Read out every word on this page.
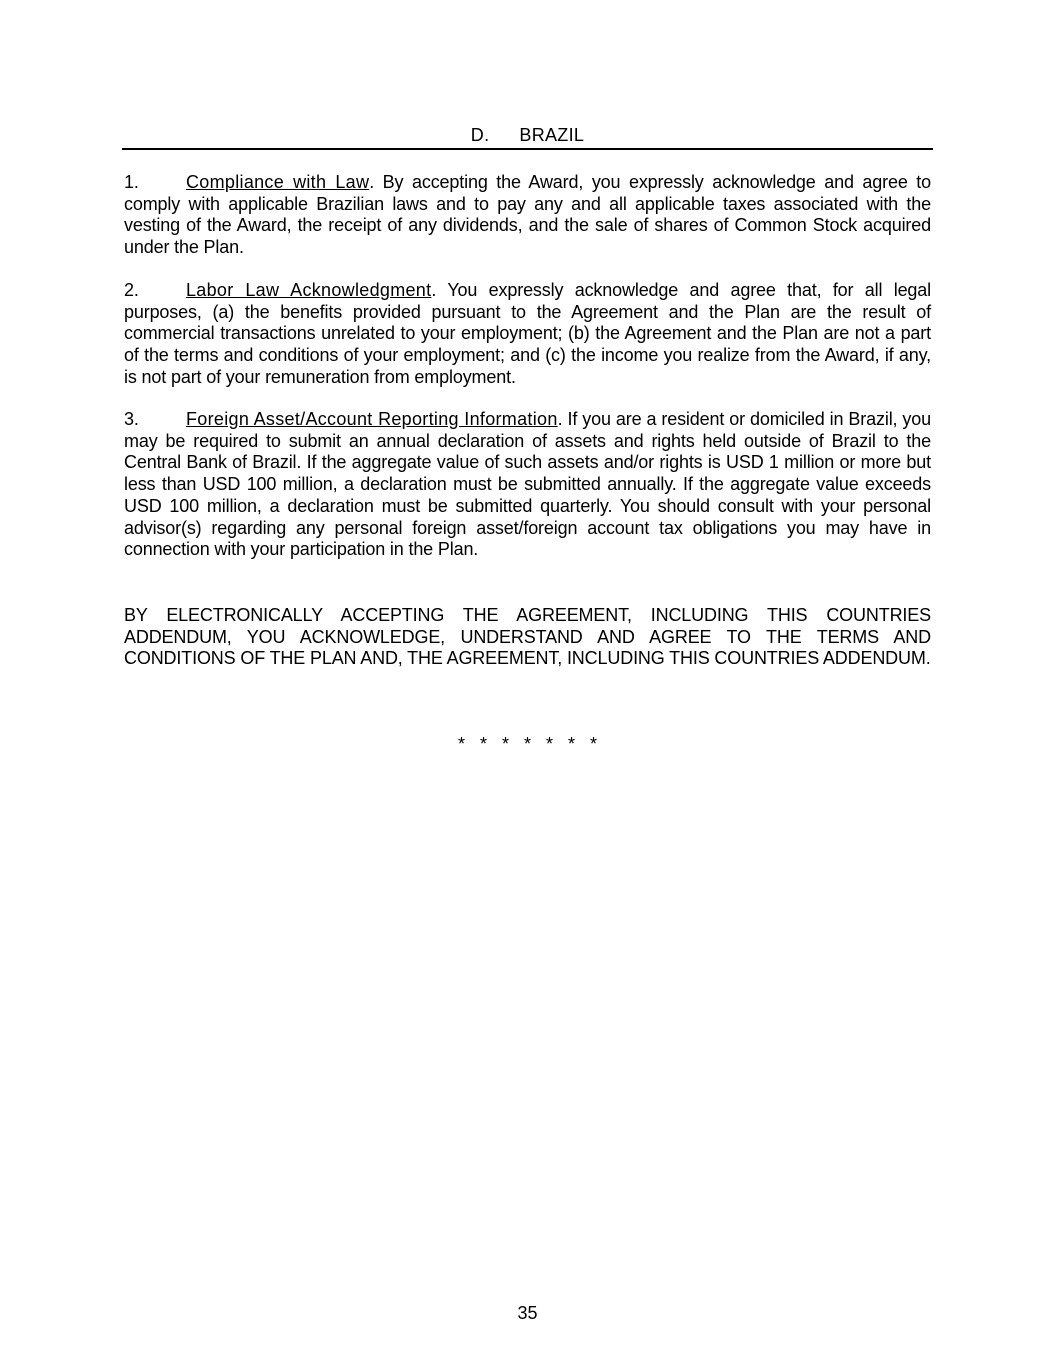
D. BRAZIL
1.	Compliance with Law. By accepting the Award, you expressly acknowledge and agree to comply with applicable Brazilian laws and to pay any and all applicable taxes associated with the vesting of the Award, the receipt of any dividends, and the sale of shares of Common Stock acquired under the Plan.
2.	Labor Law Acknowledgment. You expressly acknowledge and agree that, for all legal purposes, (a) the benefits provided pursuant to the Agreement and the Plan are the result of commercial transactions unrelated to your employment; (b) the Agreement and the Plan are not a part of the terms and conditions of your employment; and (c) the income you realize from the Award, if any, is not part of your remuneration from employment.
3.	Foreign Asset/Account Reporting Information. If you are a resident or domiciled in Brazil, you may be required to submit an annual declaration of assets and rights held outside of Brazil to the Central Bank of Brazil. If the aggregate value of such assets and/or rights is USD 1 million or more but less than USD 100 million, a declaration must be submitted annually. If the aggregate value exceeds USD 100 million, a declaration must be submitted quarterly. You should consult with your personal advisor(s) regarding any personal foreign asset/foreign account tax obligations you may have in connection with your participation in the Plan.
BY ELECTRONICALLY ACCEPTING THE AGREEMENT, INCLUDING THIS COUNTRIES ADDENDUM, YOU ACKNOWLEDGE, UNDERSTAND AND AGREE TO THE TERMS AND CONDITIONS OF THE PLAN AND, THE AGREEMENT, INCLUDING THIS COUNTRIES ADDENDUM.
* * * * * * *
35
